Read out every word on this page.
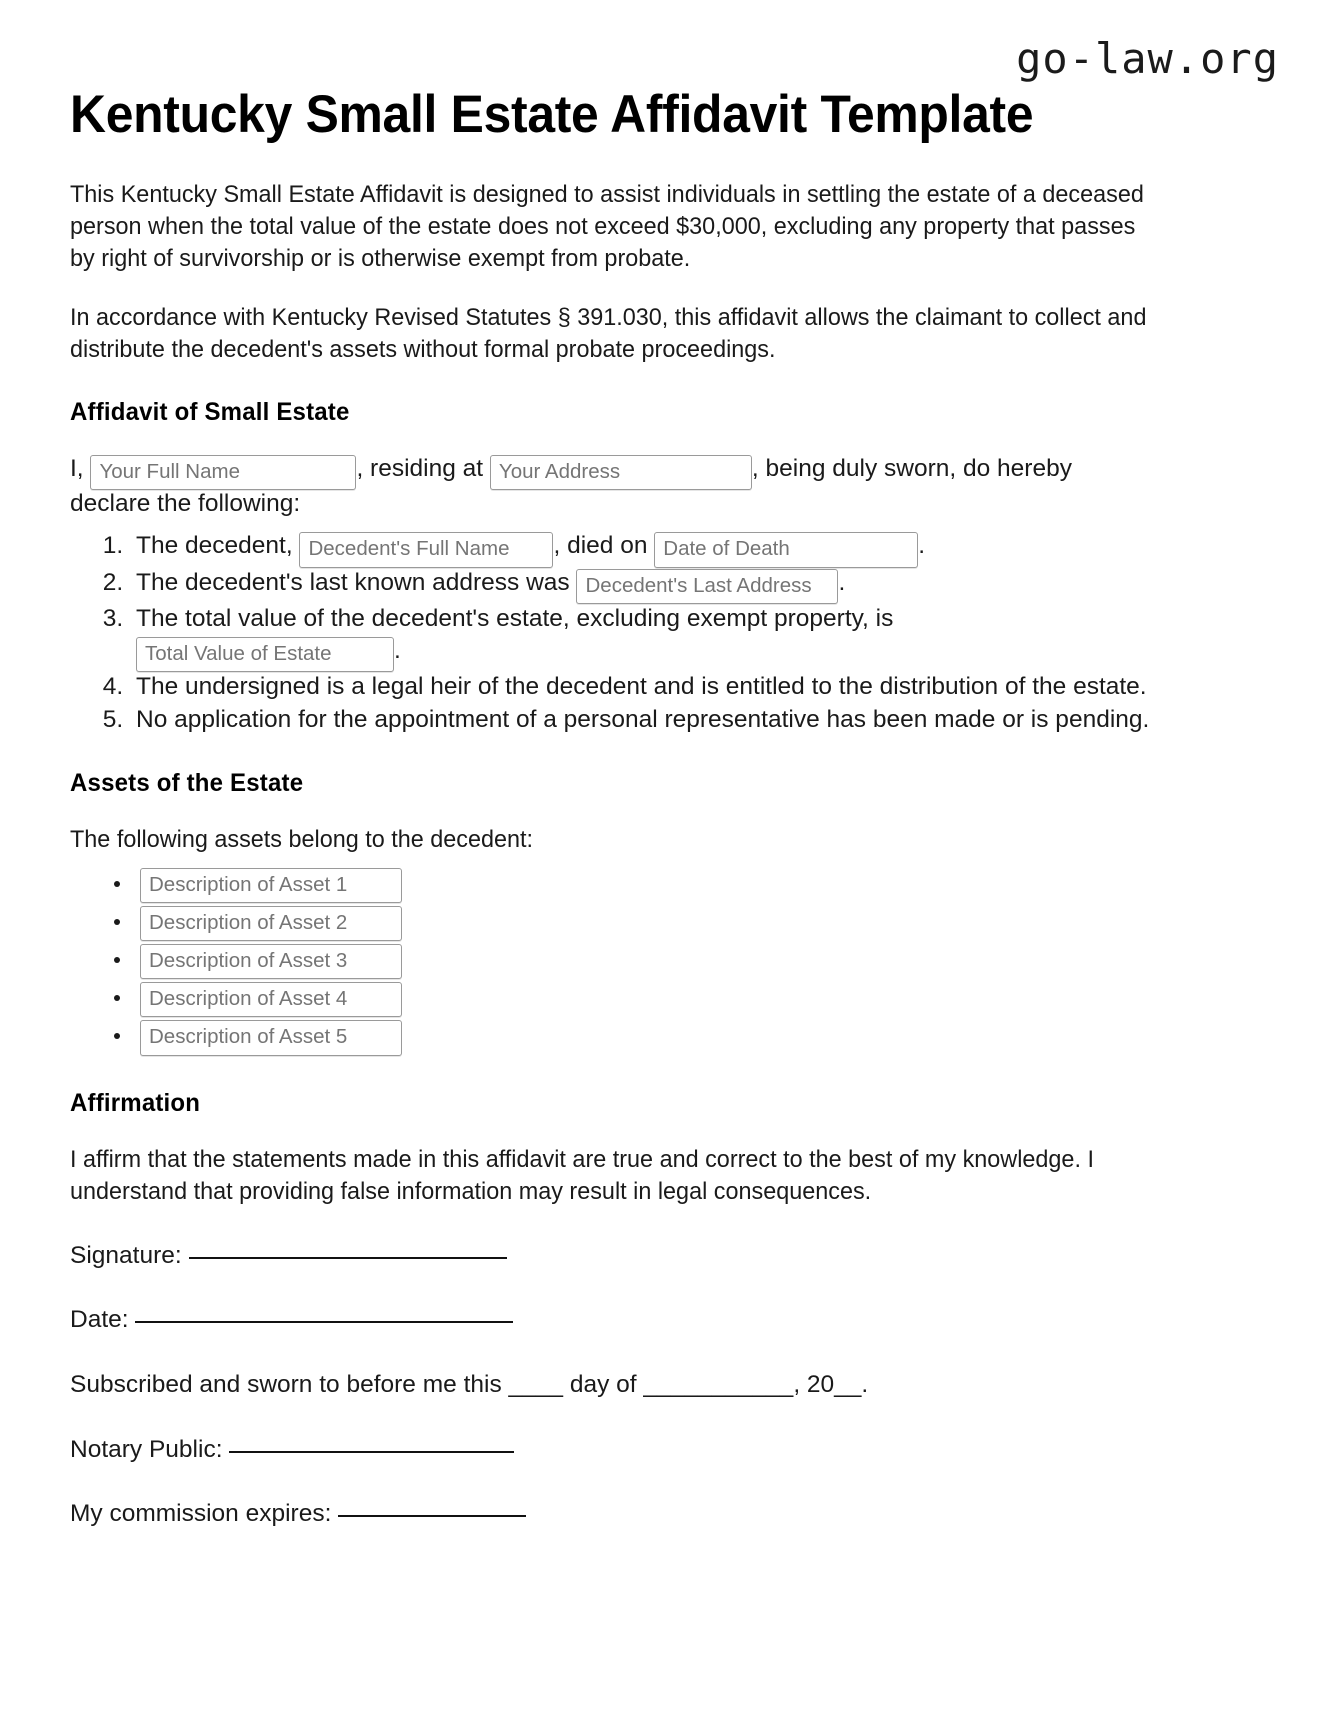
go-law.org
Kentucky Small Estate Affidavit Template

This Kentucky Small Estate Affidavit is designed to assist individuals in settling the estate of a deceased person when the total value of the estate does not exceed $30,000, excluding any property that passes by right of survivorship or is otherwise exempt from probate.

In accordance with Kentucky Revised Statutes § 391.030, this affidavit allows the claimant to collect and distribute the decedent's assets without formal probate proceedings.

Affidavit of Small Estate

I, Your Full Name	, residing at Your Address	, being duly sworn, do hereby declare the following:

1. The decedent, Decedent's Full Name	, died on Date of Death	.
2. The decedent's last known address was Decedent's Last Address	.
3. The total value of the decedent's estate, excluding exempt property, is Total Value of Estate.
4. The undersigned is a legal heir of the decedent and is entitled to the distribution of the estate.
5. No application for the appointment of a personal representative has been made or is pending.
Assets of the Estate

The following assets belong to the decedent:

• Description of Asset 1
• Description of Asset 2
• Description of Asset 3
• Description of Asset 4
• Description of Asset 5
Affirmation

I affirm that the statements made in this affidavit are true and correct to the best of my knowledge. I understand that providing false information may result in legal consequences.

Signature:

Date:

Subscribed and sworn to before me this ____ day of ___________, 20__.

Notary Public:

My commission expires:
